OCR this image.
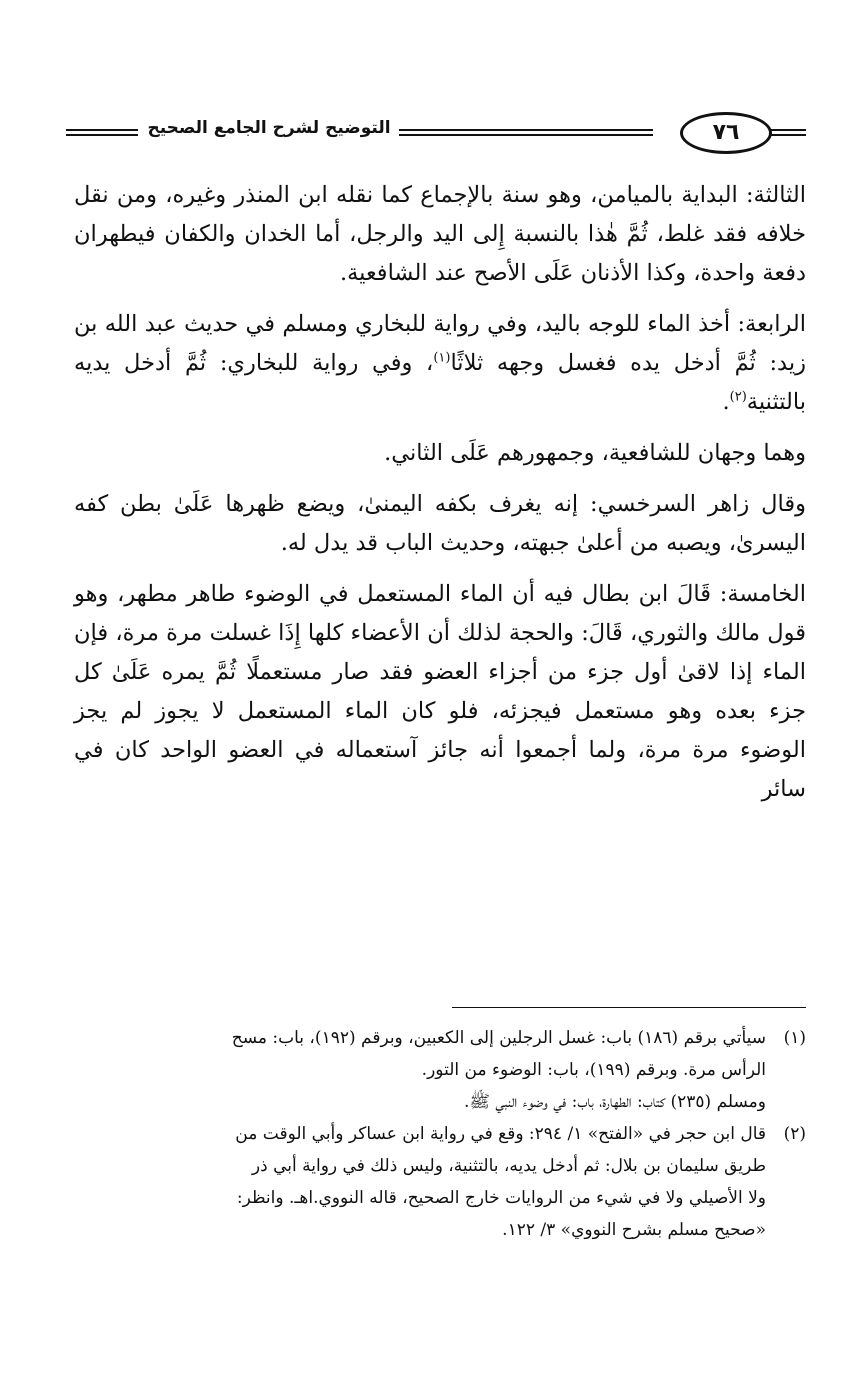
التوضيح لشرح الجامع الصحيح	٧٦

الثالثة: البداية بالميامن، وهو سنة بالإجماع كما نقله ابن المنذر وغيره، ومن نقل خلافه فقد غلط، ثُمَّ هٰذا بالنسبة إِلى اليد والرجل، أما الخدان والكفان فيطهران دفعة واحدة، وكذا الأذنان عَلَى الأصح عند الشافعية.

الرابعة: أخذ الماء للوجه باليد، وفي رواية للبخاري ومسلم في حديث عبد الله بن زيد: ثُمَّ أدخل يده فغسل وجهه ثلاثًا$^{(١)}$، وفي رواية للبخاري: ثُمَّ أدخل يديه بالتثنية$^{(٢)}$.

وهما وجهان للشافعية، وجمهورهم عَلَى الثاني.

وقال زاهر السرخسي: إنه يغرف بكفه اليمنىٰ، ويضع ظهرها عَلَىٰ بطن كفه اليسرىٰ، ويصبه من أعلىٰ جبهته، وحديث الباب قد يدل له.

الخامسة: قَالَ ابن بطال فيه أن الماء المستعمل في الوضوء طاهر مطهر، وهو قول مالك والثوري، قَالَ: والحجة لذلك أن الأعضاء كلها إِذَا غسلت مرة مرة، فإن الماء إذا لاقىٰ أول جزء من أجزاء العضو فقد صار مستعملًا ثُمَّ يمره عَلَىٰ كل جزء بعده وهو مستعمل فيجزئه، فلو كان الماء المستعمل لا يجوز لم يجز الوضوء مرة مرة، ولما أجمعوا أنه جائز آستعماله في العضو الواحد كان في سائر

(١)
سيأتي برقم (١٨٦) باب: غسل الرجلين إلى الكعبين، وبرقم (١٩٢)، باب: مسح
الرأس مرة. وبرقم (١٩٩)، باب: الوضوء من التور.
ومسلم (٢٣٥) كتاب: الطهارة، باب: في وضوء النبي ﷺ.
(٢)
قال ابن حجر في «الفتح» ١/ ٢٩٤: وقع في رواية ابن عساكر وأبي الوقت من
طريق سليمان بن بلال: ثم أدخل يديه، بالتثنية، وليس ذلك في رواية أبي ذر
ولا الأصيلي ولا في شيء من الروايات خارج الصحيح، قاله النووي.اهـ. وانظر:
«صحيح مسلم بشرح النووي» ٣/ ١٢٢.
